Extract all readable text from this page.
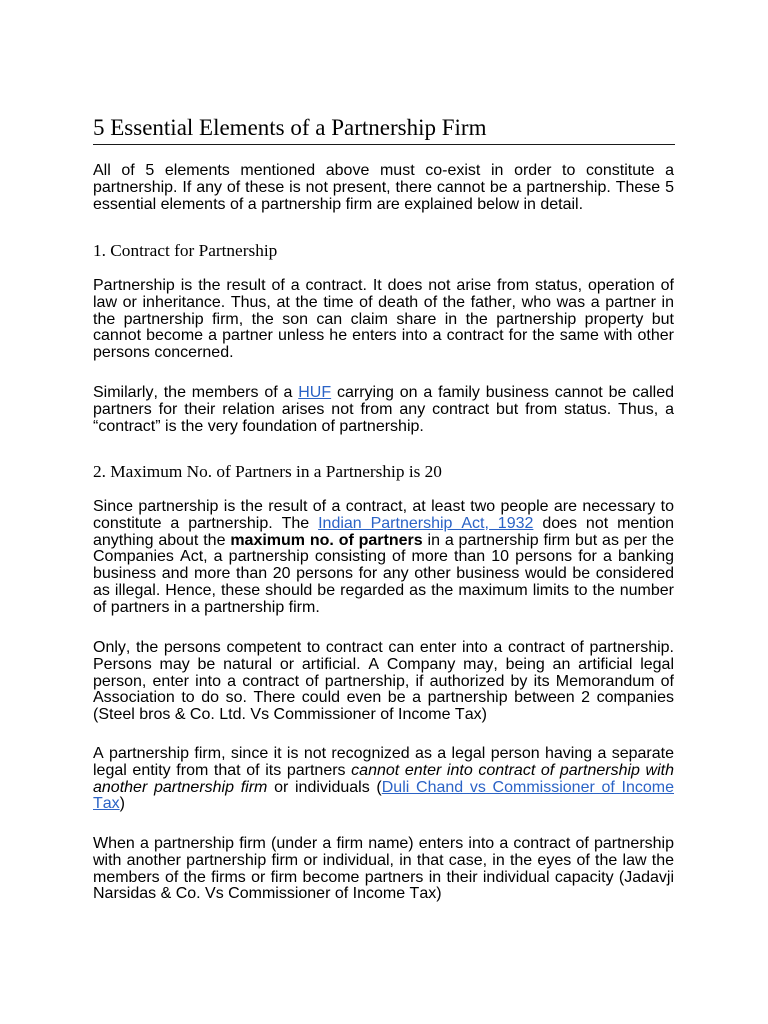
5 Essential Elements of a Partnership Firm
All of 5 elements mentioned above must co-exist in order to constitute a
partnership. If any of these is not present, there cannot be a partnership. These 5
essential elements of a partnership firm are explained below in detail.
1. Contract for Partnership
Partnership is the result of a contract. It does not arise from status, operation of
law or inheritance. Thus, at the time of death of the father, who was a partner in
the partnership firm, the son can claim share in the partnership property but
cannot become a partner unless he enters into a contract for the same with other
persons concerned.
Similarly, the members of a HUF carrying on a family business cannot be called
partners for their relation arises not from any contract but from status. Thus, a
“contract” is the very foundation of partnership.
2. Maximum No. of Partners in a Partnership is 20
Since partnership is the result of a contract, at least two people are necessary to
constitute a partnership. The Indian Partnership Act, 1932 does not mention
anything about the maximum no. of partners in a partnership firm but as per the
Companies Act, a partnership consisting of more than 10 persons for a banking
business and more than 20 persons for any other business would be considered
as illegal. Hence, these should be regarded as the maximum limits to the number
of partners in a partnership firm.
Only, the persons competent to contract can enter into a contract of partnership.
Persons may be natural or artificial. A Company may, being an artificial legal
person, enter into a contract of partnership, if authorized by its Memorandum of
Association to do so. There could even be a partnership between 2 companies
(Steel bros & Co. Ltd. Vs Commissioner of Income Tax)
A partnership firm, since it is not recognized as a legal person having a separate
legal entity from that of its partners cannot enter into contract of partnership with
another partnership firm or individuals (Duli Chand vs Commissioner of Income
Tax)
When a partnership firm (under a firm name) enters into a contract of partnership
with another partnership firm or individual, in that case, in the eyes of the law the
members of the firms or firm become partners in their individual capacity (Jadavji
Narsidas & Co. Vs Commissioner of Income Tax)
